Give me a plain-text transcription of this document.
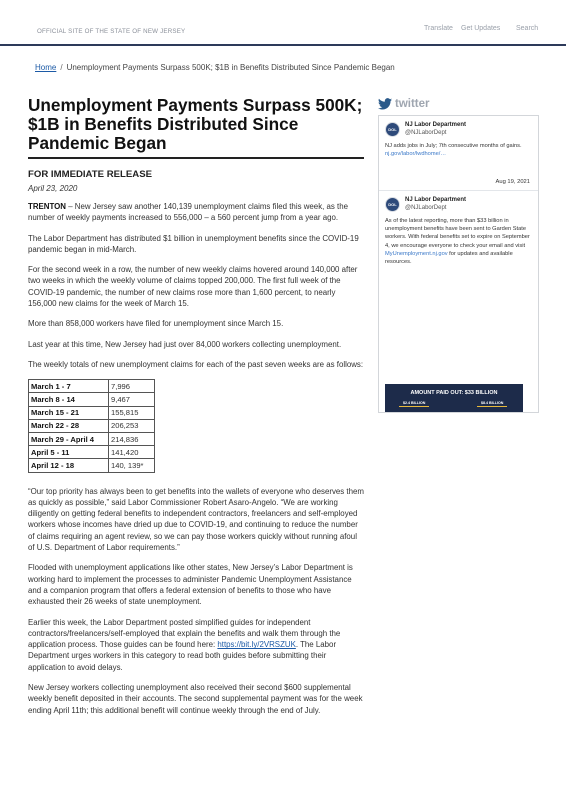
OFFICIAL SITE OF THE STATE OF NEW JERSEY	Translate Get Updates Search
Home / Unemployment Payments Surpass 500K; $1B in Benefits Distributed Since Pandemic Began
Unemployment Payments Surpass 500K; $1B in Benefits Distributed Since Pandemic Began
FOR IMMEDIATE RELEASE
April 23, 2020

TRENTON – New Jersey saw another 140,139 unemployment claims filed this week, as the number of weekly payments increased to 556,000 – a 560 percent jump from a year ago.

The Labor Department has distributed $1 billion in unemployment benefits since the COVID-19 pandemic began in mid-March.

For the second week in a row, the number of new weekly claims hovered around 140,000 after two weeks in which the weekly volume of claims topped 200,000. The first full week of the COVID-19 pandemic, the number of new claims rose more than 1,600 percent, to nearly 156,000 new claims for the week of March 15.

More than 858,000 workers have filed for unemployment since March 15.

Last year at this time, New Jersey had just over 84,000 workers collecting unemployment.

The weekly totals of new unemployment claims for each of the past seven weeks are as follows:

March 1 - 7	7,996
March 8 - 14	9,467
March 15 - 21	155,815
March 22 - 28	206,253
March 29 - April 4	214,836
April 5 - 11	141,420
April 12 - 18	140, 139*

“Our top priority has always been to get benefits into the wallets of everyone who deserves them as quickly as possible,” said Labor Commissioner Robert Asaro-Angelo. “We are working diligently on getting federal benefits to independent contractors, freelancers and self-employed workers whose incomes have dried up due to COVID-19, and continuing to reduce the number of claims requiring an agent review, so we can pay those workers quickly without running afoul of U.S. Department of Labor requirements.”

Flooded with unemployment applications like other states, New Jersey’s Labor Department is working hard to implement the processes to administer Pandemic Unemployment Assistance and a companion program that offers a federal extension of benefits to those who have exhausted their 26 weeks of state unemployment.

Earlier this week, the Labor Department posted simplified guides for independent contractors/freelancers/self-employed that explain the benefits and walk them through the application process. Those guides can be found here: https://bit.ly/2VRSZUK. The Labor Department urges workers in this category to read both guides before submitting their application to avoid delays.

New Jersey workers collecting unemployment also received their second $600 supplemental weekly benefit deposited in their accounts. The second supplemental payment was for the week ending April 11th; this additional benefit will continue weekly through the end of July.

twitter
DOL
NJ Labor Department
@NJLaborDept
NJ adds jobs in July; 7th consecutive months of gains. nj.gov/labor/lwdhome/…
Aug 19, 2021
DOL
NJ Labor Department
@NJLaborDept
As of the latest reporting, more than $33 billion in unemployment benefits have been sent to Garden State workers. With federal benefits set to expire on September 4, we encourage everyone to check your email and visit MyUnemployment.nj.gov for updates and available resources.
AMOUNT PAID OUT: $33 BILLION
$2.4 BILLION	$8.4 BILLION
